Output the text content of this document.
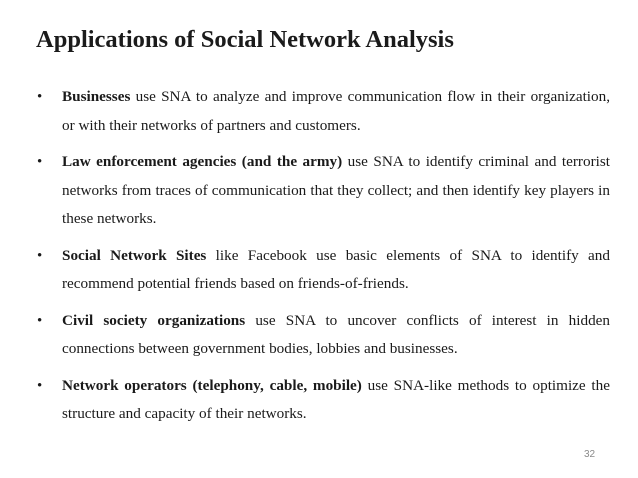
Applications of Social Network Analysis
• Businesses use SNA to analyze and improve communication flow in their organization, or with their networks of partners and customers.
• Law enforcement agencies (and the army) use SNA to identify criminal and terrorist networks from traces of communication that they collect; and then identify key players in these networks.
• Social Network Sites like Facebook use basic elements of SNA to identify and recommend potential friends based on friends-of-friends.
• Civil society organizations use SNA to uncover conflicts of interest in hidden connections between government bodies, lobbies and businesses.
• Network operators (telephony, cable, mobile) use SNA-like methods to optimize the structure and capacity of their networks.
32
